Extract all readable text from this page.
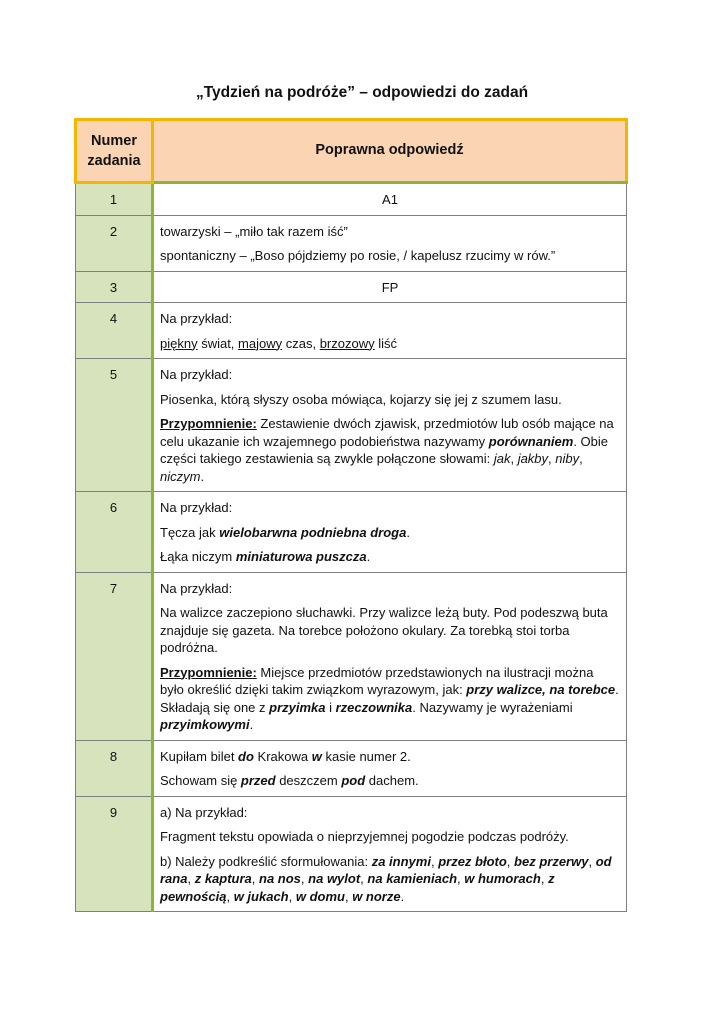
„Tydzień na podróże” – odpowiedzi do zadań
Numer
zadania	Poprawna odpowiedź
1	A1
2	towarzyski – „miło tak razem iść”

spontaniczny – „Boso pójdziemy po rosie, / kapelusz rzucimy w rów.”

3	FP
4	Na przykład:

piękny świat, majowy czas, brzozowy liść

5	Na przykład:

Piosenka, którą słyszy osoba mówiąca, kojarzy się jej z szumem lasu.

Przypomnienie: Zestawienie dwóch zjawisk, przedmiotów lub osób mające na celu ukazanie ich wzajemnego podobieństwa nazywamy porównaniem. Obie części takiego zestawienia są zwykle połączone słowami: jak, jakby, niby, niczym.

6	Na przykład:

Tęcza jak wielobarwna podniebna droga.

Łąka niczym miniaturowa puszcza.

7	Na przykład:

Na walizce zaczepiono słuchawki. Przy walizce leżą buty. Pod podeszwą buta znajduje się gazeta. Na torebce położono okulary. Za torebką stoi torba podróżna.

Przypomnienie: Miejsce przedmiotów przedstawionych na ilustracji można było określić dzięki takim związkom wyrazowym, jak: przy walizce, na torebce. Składają się one z przyimka i rzeczownika. Nazywamy je wyrażeniami przyimkowymi.

8	Kupiłam bilet do Krakowa w kasie numer 2.

Schowam się przed deszczem pod dachem.

9	a) Na przykład:

Fragment tekstu opowiada o nieprzyjemnej pogodzie podczas podróży.

b) Należy podkreślić sformułowania: za innymi, przez błoto, bez przerwy, od rana, z kaptura, na nos, na wylot, na kamieniach, w humorach, z pewnością, w jukach, w domu, w norze.
